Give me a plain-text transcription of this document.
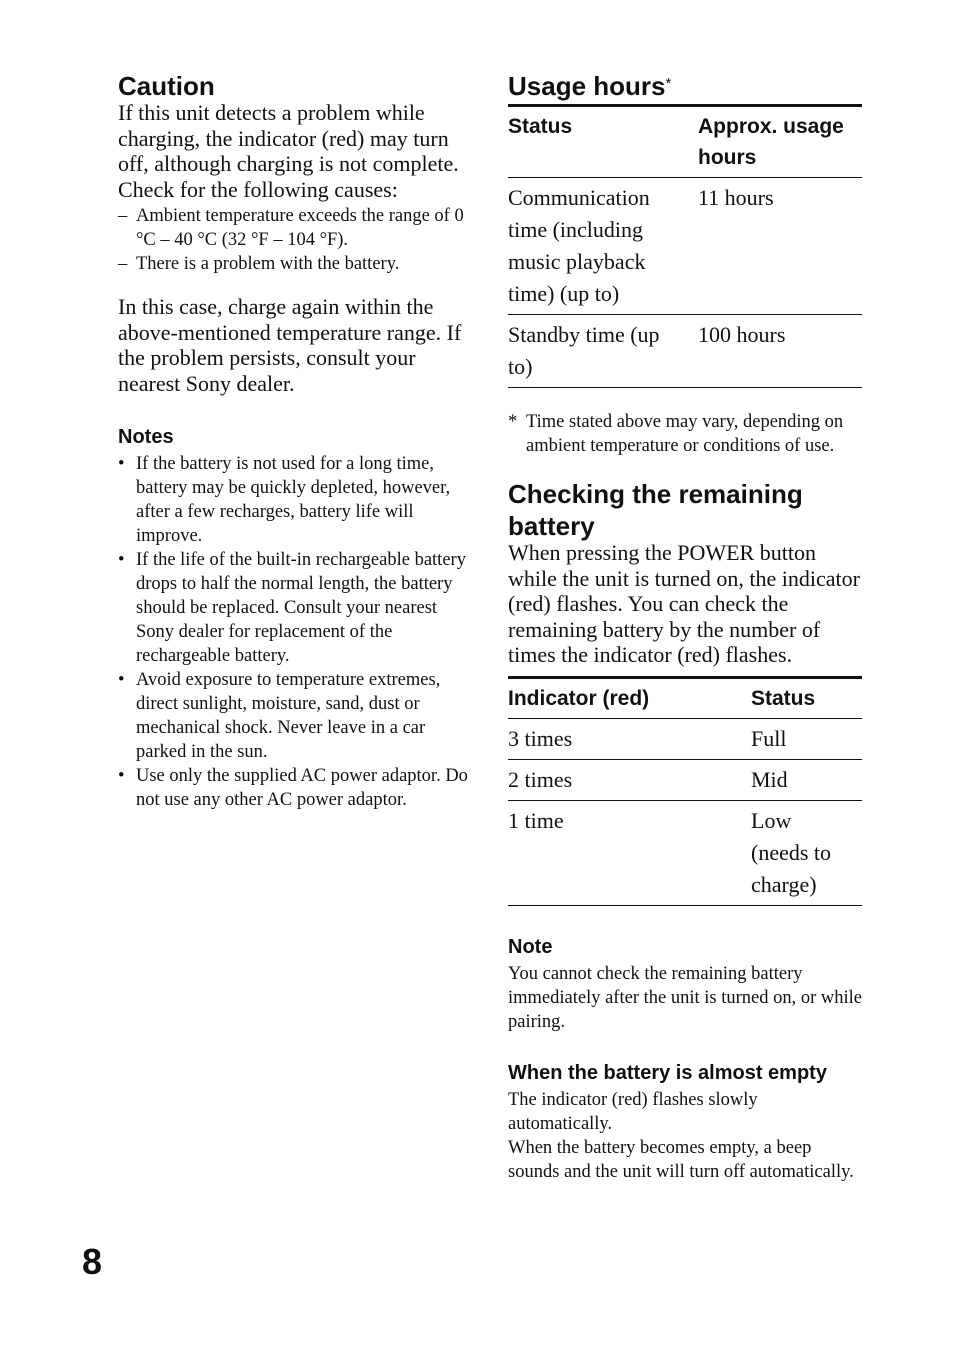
Caution

If this unit detects a problem while charging, the indicator (red) may turn off, although charging is not complete.

Check for the following causes:

– Ambient temperature exceeds the range of 0 °C – 40 °C (32 °F – 104 °F).
– There is a problem with the battery.

In this case, charge again within the above-mentioned temperature range. If the problem persists, consult your nearest Sony dealer.

Notes
• If the battery is not used for a long time, battery may be quickly depleted, however, after a few recharges, battery life will improve.
• If the life of the built-in rechargeable battery drops to half the normal length, the battery should be replaced. Consult your nearest Sony dealer for replacement of the rechargeable battery.
• Avoid exposure to temperature extremes, direct sunlight, moisture, sand, dust or mechanical shock. Never leave in a car parked in the sun.
• Use only the supplied AC power adaptor. Do not use any other AC power adaptor.
Usage hours*
Status	Approx. usage hours
Communication time (including music playback time) (up to)	11 hours
Standby time (up to)	100 hours
* Time stated above may vary, depending on ambient temperature or conditions of use.
Checking the remaining battery

When pressing the POWER button while the unit is turned on, the indicator (red) flashes. You can check the remaining battery by the number of times the indicator (red) flashes.

Indicator (red)	Status
3 times	Full
2 times	Mid
1 time	Low (needs to charge)
Note

You cannot check the remaining battery immediately after the unit is turned on, or while pairing.

When the battery is almost empty

The indicator (red) flashes slowly automatically.

When the battery becomes empty, a beep sounds and the unit will turn off automatically.

8
